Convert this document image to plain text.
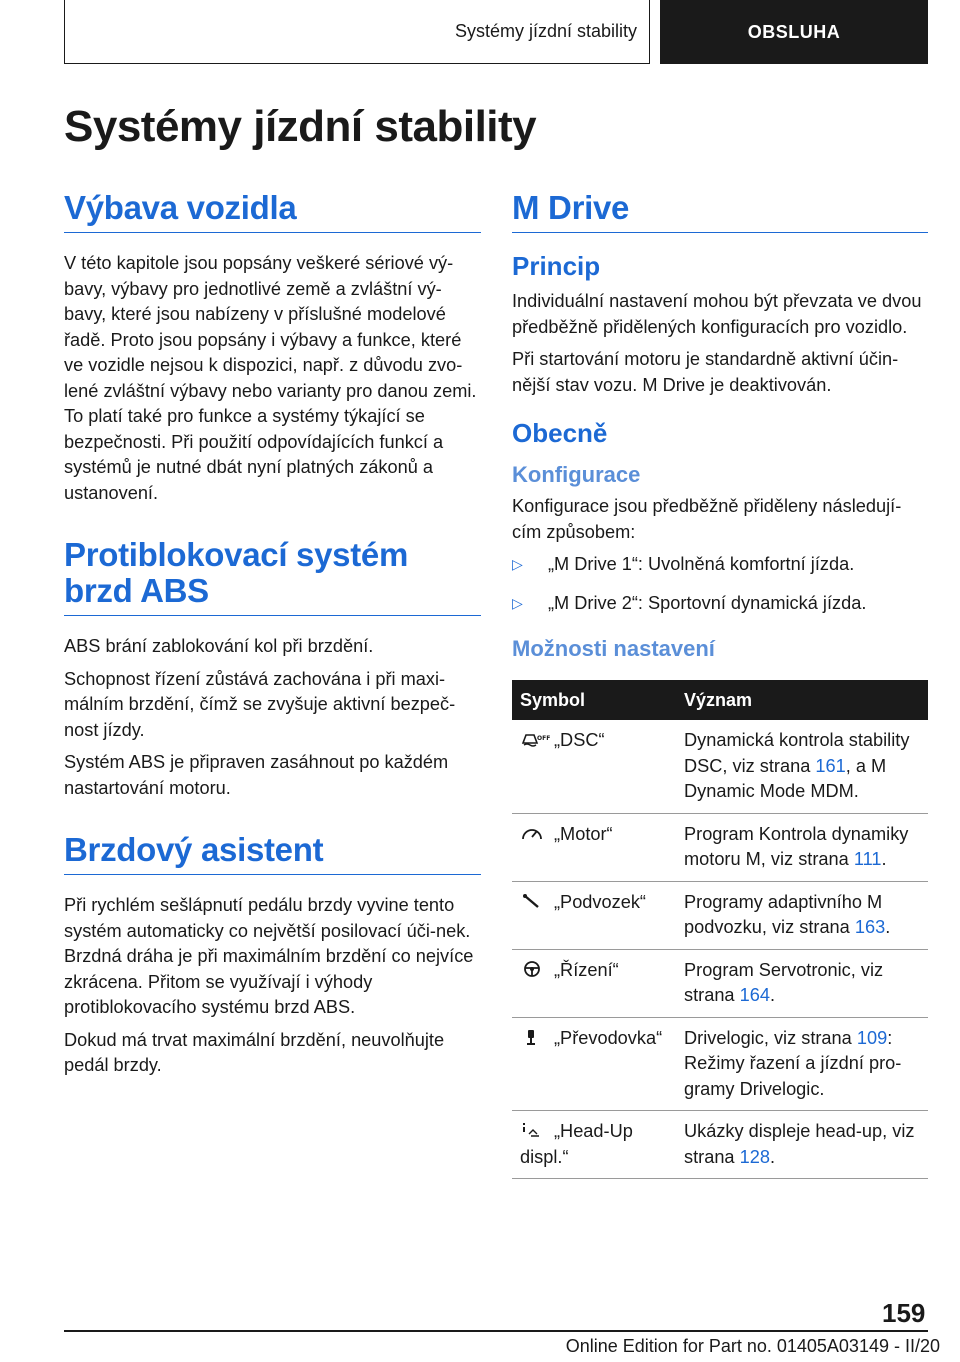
Systémy jízdní stability	OBSLUHA
Systémy jízdní stability
Výbava vozidla

V této kapitole jsou popsány veškeré sériové vý-bavy, výbavy pro jednotlivé země a zvláštní vý-bavy, které jsou nabízeny v příslušné modelové řadě. Proto jsou popsány i výbavy a funkce, které ve vozidle nejsou k dispozici, např. z důvodu zvo-lené zvláštní výbavy nebo varianty pro danou zemi. To platí také pro funkce a systémy týkající se bezpečnosti. Při použití odpovídajících funkcí a systémů je nutné dbát nyní platných zákonů a ustanovení.

Protiblokovací systém brzd ABS

ABS brání zablokování kol při brzdění.

Schopnost řízení zůstává zachována i při maxi-málním brzdění, čímž se zvyšuje aktivní bezpeč-nost jízdy.

Systém ABS je připraven zasáhnout po každém nastartování motoru.

Brzdový asistent

Při rychlém sešlápnutí pedálu brzdy vyvine tento systém automaticky co největší posilovací úči-nek. Brzdná dráha je při maximálním brzdění co nejvíce zkrácena. Přitom se využívají i výhody protiblokovacího systému brzd ABS.

Dokud má trvat maximální brzdění, neuvolňujte pedál brzdy.

M Drive
Princip

Individuální nastavení mohou být převzata ve dvou předběžně přidělených konfiguracích pro vozidlo.

Při startování motoru je standardně aktivní účin-nější stav vozu. M Drive je deaktivován.

Obecně
Konfigurace

Konfigurace jsou předběžně přiděleny následují-cím způsobem:

▷ „M Drive 1“: Uvolněná komfortní jízda.
▷ „M Drive 2“: Sportovní dynamická jízda.
Možnosti nastavení
Symbol	Význam

OFF „DSC“	Dynamická kontrola stability DSC, viz strana 161, a M Dynamic Mode MDM.
„Motor“	Program Kontrola dynamiky motoru M, viz strana 111.
„Podvozek“	Programy adaptivního M podvozku, viz strana 163.
„Řízení“	Program Servotronic, viz strana 164.
„Převodovka“	Drivelogic, viz strana 109: Režimy řazení a jízdní pro-gramy Drivelogic.
„Head-Up displ.“	Ukázky displeje head-up, viz strana 128.
159
Online Edition for Part no. 01405A03149 - II/20
